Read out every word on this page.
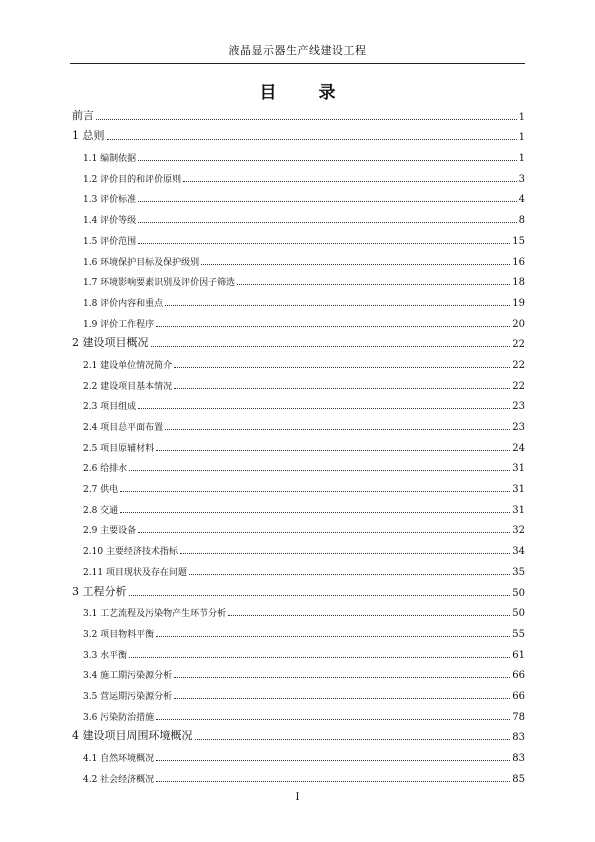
液晶显示器生产线建设工程
目 录
前言	1
1 总则	1
1.1 编制依据	1
1.2 评价目的和评价原则	3
1.3 评价标准	4
1.4 评价等级	8
1.5 评价范围	15
1.6 环境保护目标及保护级别	16
1.7 环境影响要素识别及评价因子筛选	18
1.8 评价内容和重点	19
1.9 评价工作程序	20
2 建设项目概况	22
2.1 建设单位情况简介	22
2.2 建设项目基本情况	22
2.3 项目组成	23
2.4 项目总平面布置	23
2.5 项目原辅材料	24
2.6 给排水	31
2.7 供电	31
2.8 交通	31
2.9 主要设备	32
2.10 主要经济技术指标	34
2.11 项目现状及存在问题	35
3 工程分析	50
3.1 工艺流程及污染物产生环节分析	50
3.2 项目物料平衡	55
3.3 水平衡	61
3.4 施工期污染源分析	66
3.5 营运期污染源分析	66
3.6 污染防治措施	78
4 建设项目周围环境概况	83
4.1 自然环境概况	83
4.2 社会经济概况	85
I
